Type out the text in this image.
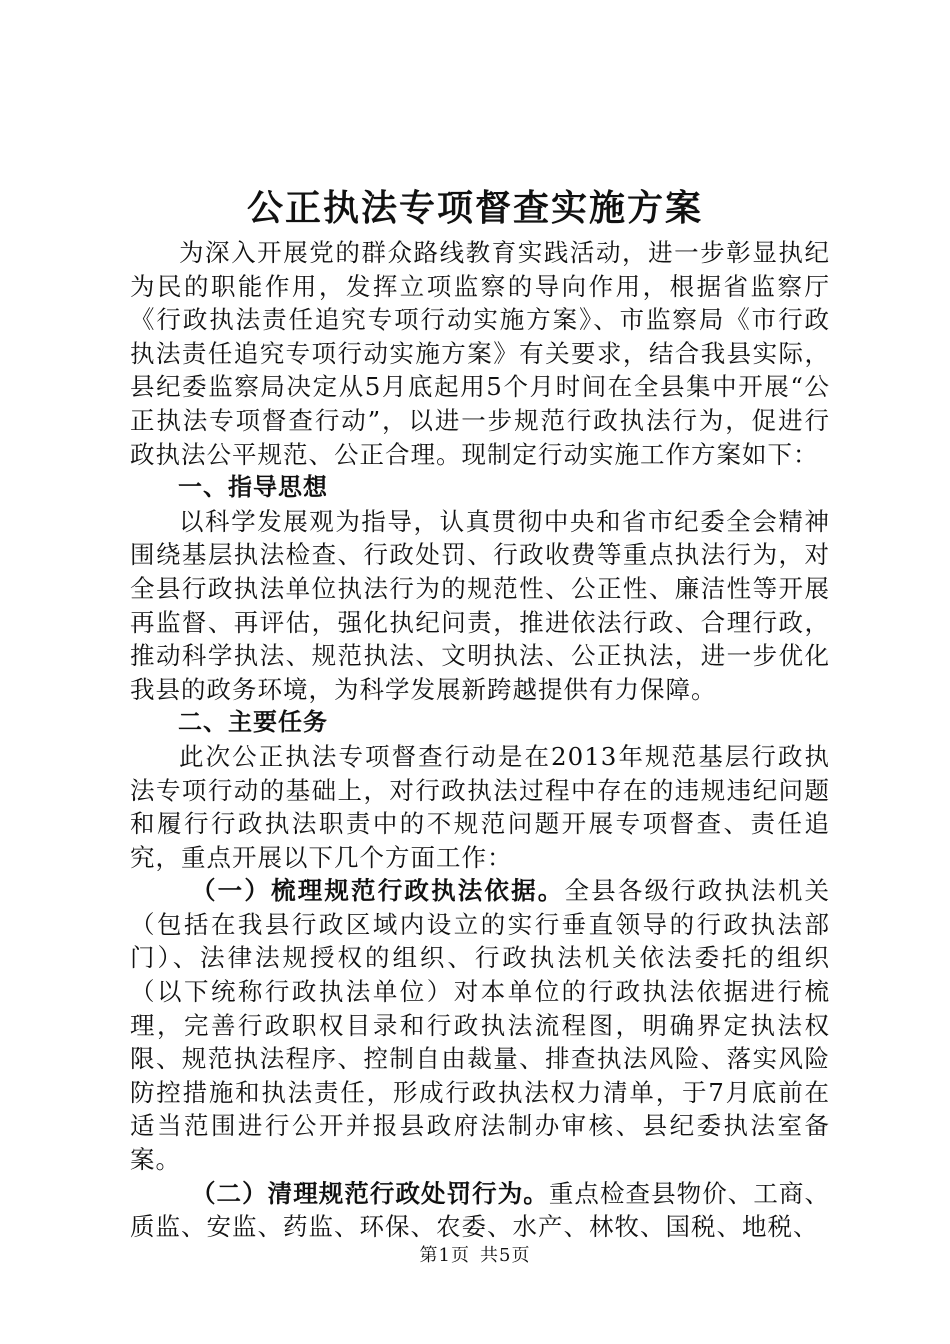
公正执法专项督查实施方案

为深入开展党的群众路线教育实践活动，进一步彰显执纪为民的职能作用，发挥立项监察的导向作用，根据省监察厅《行政执法责任追究专项行动实施方案》、市监察局《市行政执法责任追究专项行动实施方案》有关要求，结合我县实际，县纪委监察局决定从5月底起用5个月时间在全县集中开展“公正执法专项督查行动”，以进一步规范行政执法行为，促进行政执法公平规范、公正合理。现制定行动实施工作方案如下：

一、指导思想

以科学发展观为指导，认真贯彻中央和省市纪委全会精神围绕基层执法检查、行政处罚、行政收费等重点执法行为，对全县行政执法单位执法行为的规范性、公正性、廉洁性等开展再监督、再评估，强化执纪问责，推进依法行政、合理行政，推动科学执法、规范执法、文明执法、公正执法，进一步优化我县的政务环境，为科学发展新跨越提供有力保障。

二、主要任务

此次公正执法专项督查行动是在2013年规范基层行政执法专项行动的基础上，对行政执法过程中存在的违规违纪问题和履行行政执法职责中的不规范问题开展专项督查、责任追究，重点开展以下几个方面工作：

（一）梳理规范行政执法依据。全县各级行政执法机关（包括在我县行政区域内设立的实行垂直领导的行政执法部门）、法律法规授权的组织、行政执法机关依法委托的组织（以下统称行政执法单位）对本单位的行政执法依据进行梳理，完善行政职权目录和行政执法流程图，明确界定执法权限、规范执法程序、控制自由裁量、排查执法风险、落实风险防控措施和执法责任，形成行政执法权力清单，于7月底前在适当范围进行公开并报县政府法制办审核、县纪委执法室备案。

（二）清理规范行政处罚行为。重点检查县物价、工商、质监、安监、药监、环保、农委、水产、林牧、国税、地税、

第1页 共5页
